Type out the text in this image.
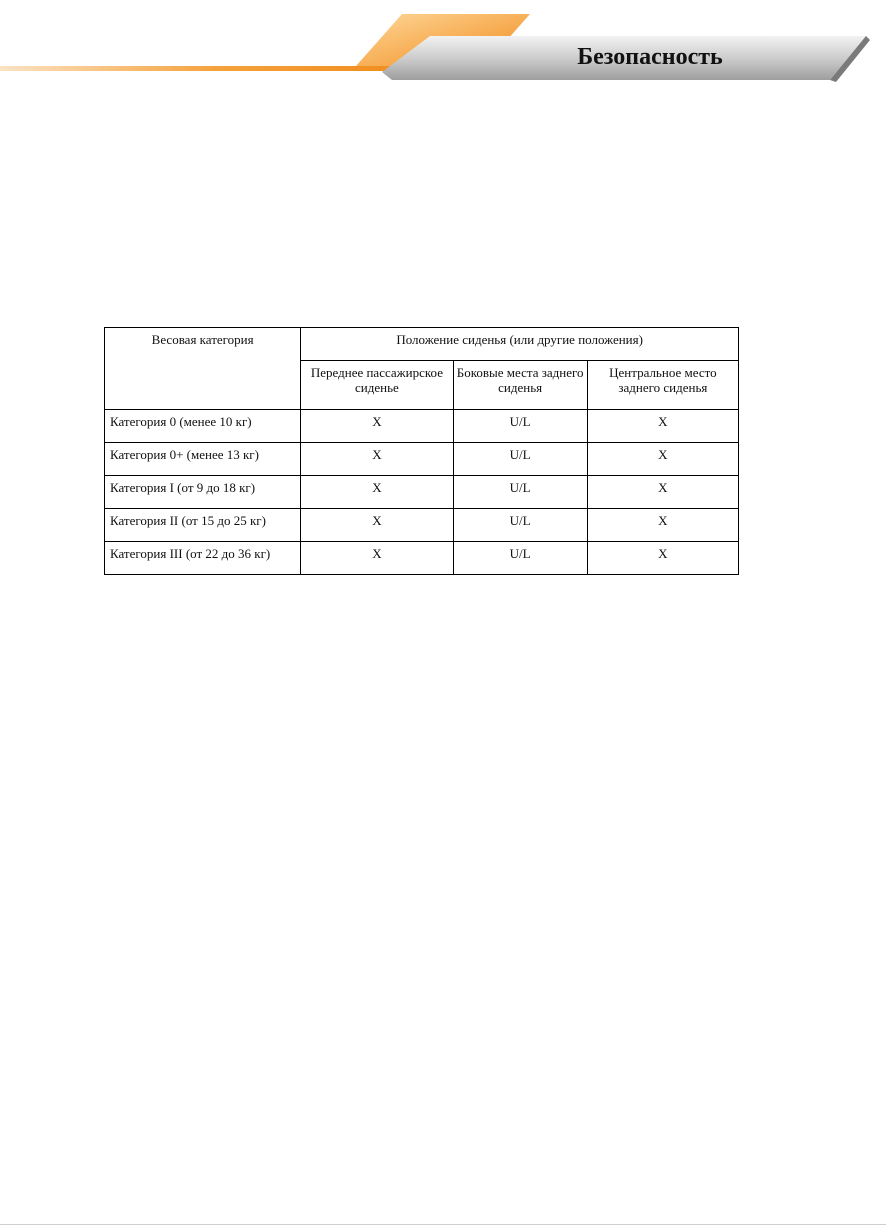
Безопасность
Весовая категория	Положение сиденья (или другие положения)		
	Переднее пассажирское сиденье	Боковые места заднего сиденья	Центральное место заднего сиденья
Категория 0 (менее 10 кг)	X	U/L	X
Категория 0+ (менее 13 кг)	X	U/L	X
Категория I (от 9 до 18 кг)	X	U/L	X
Категория II (от 15 до 25 кг)	X	U/L	X
Категория III (от 22 до 36 кг)	X	U/L	X
